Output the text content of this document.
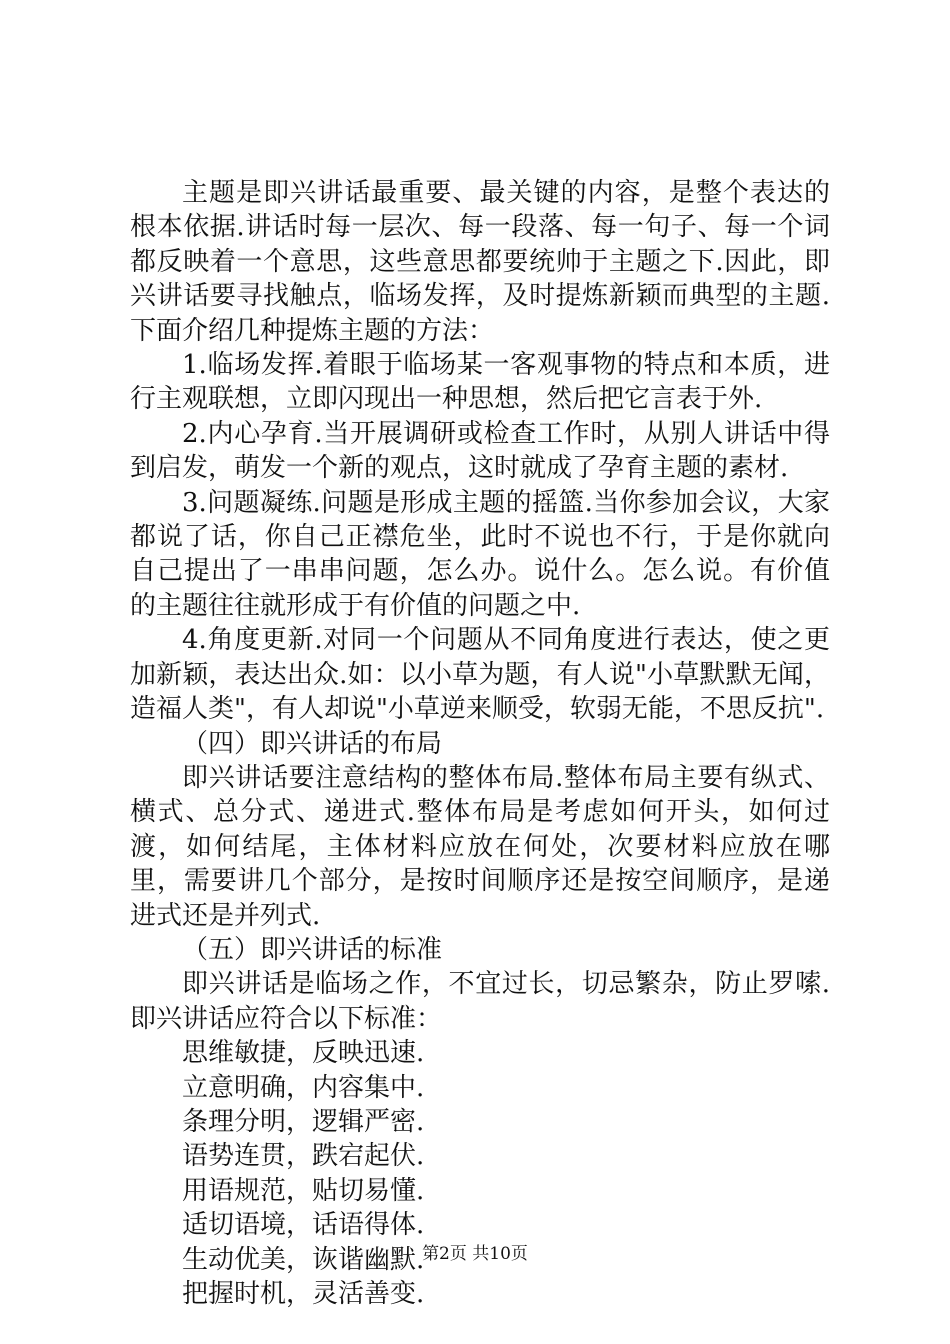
主题是即兴讲话最重要、最关键的内容，是整个表达的根本依据.讲话时每一层次、每一段落、每一句子、每一个词都反映着一个意思，这些意思都要统帅于主题之下.因此，即兴讲话要寻找触点，临场发挥，及时提炼新颖而典型的主题.下面介绍几种提炼主题的方法：

1.临场发挥.着眼于临场某一客观事物的特点和本质，进行主观联想，立即闪现出一种思想，然后把它言表于外.

2.内心孕育.当开展调研或检查工作时，从别人讲话中得到启发，萌发一个新的观点，这时就成了孕育主题的素材.

3.问题凝练.问题是形成主题的摇篮.当你参加会议，大家都说了话，你自己正襟危坐，此时不说也不行，于是你就向自己提出了一串串问题，怎么办。说什么。怎么说。有价值的主题往往就形成于有价值的问题之中.

4.角度更新.对同一个问题从不同角度进行表达，使之更加新颖，表达出众.如：以小草为题，有人说"小草默默无闻，造福人类"，有人却说"小草逆来顺受，软弱无能，不思反抗".

（四）即兴讲话的布局

即兴讲话要注意结构的整体布局.整体布局主要有纵式、横式、总分式、递进式.整体布局是考虑如何开头，如何过渡，如何结尾，主体材料应放在何处，次要材料应放在哪里，需要讲几个部分，是按时间顺序还是按空间顺序，是递进式还是并列式.

（五）即兴讲话的标准

即兴讲话是临场之作，不宜过长，切忌繁杂，防止罗嗦.即兴讲话应符合以下标准：

思维敏捷，反映迅速.

立意明确，内容集中.

条理分明，逻辑严密.

语势连贯，跌宕起伏.

用语规范，贴切易懂.

适切语境，话语得体.

生动优美，诙谐幽默.

把握时机，灵活善变.

第2页 共10页
